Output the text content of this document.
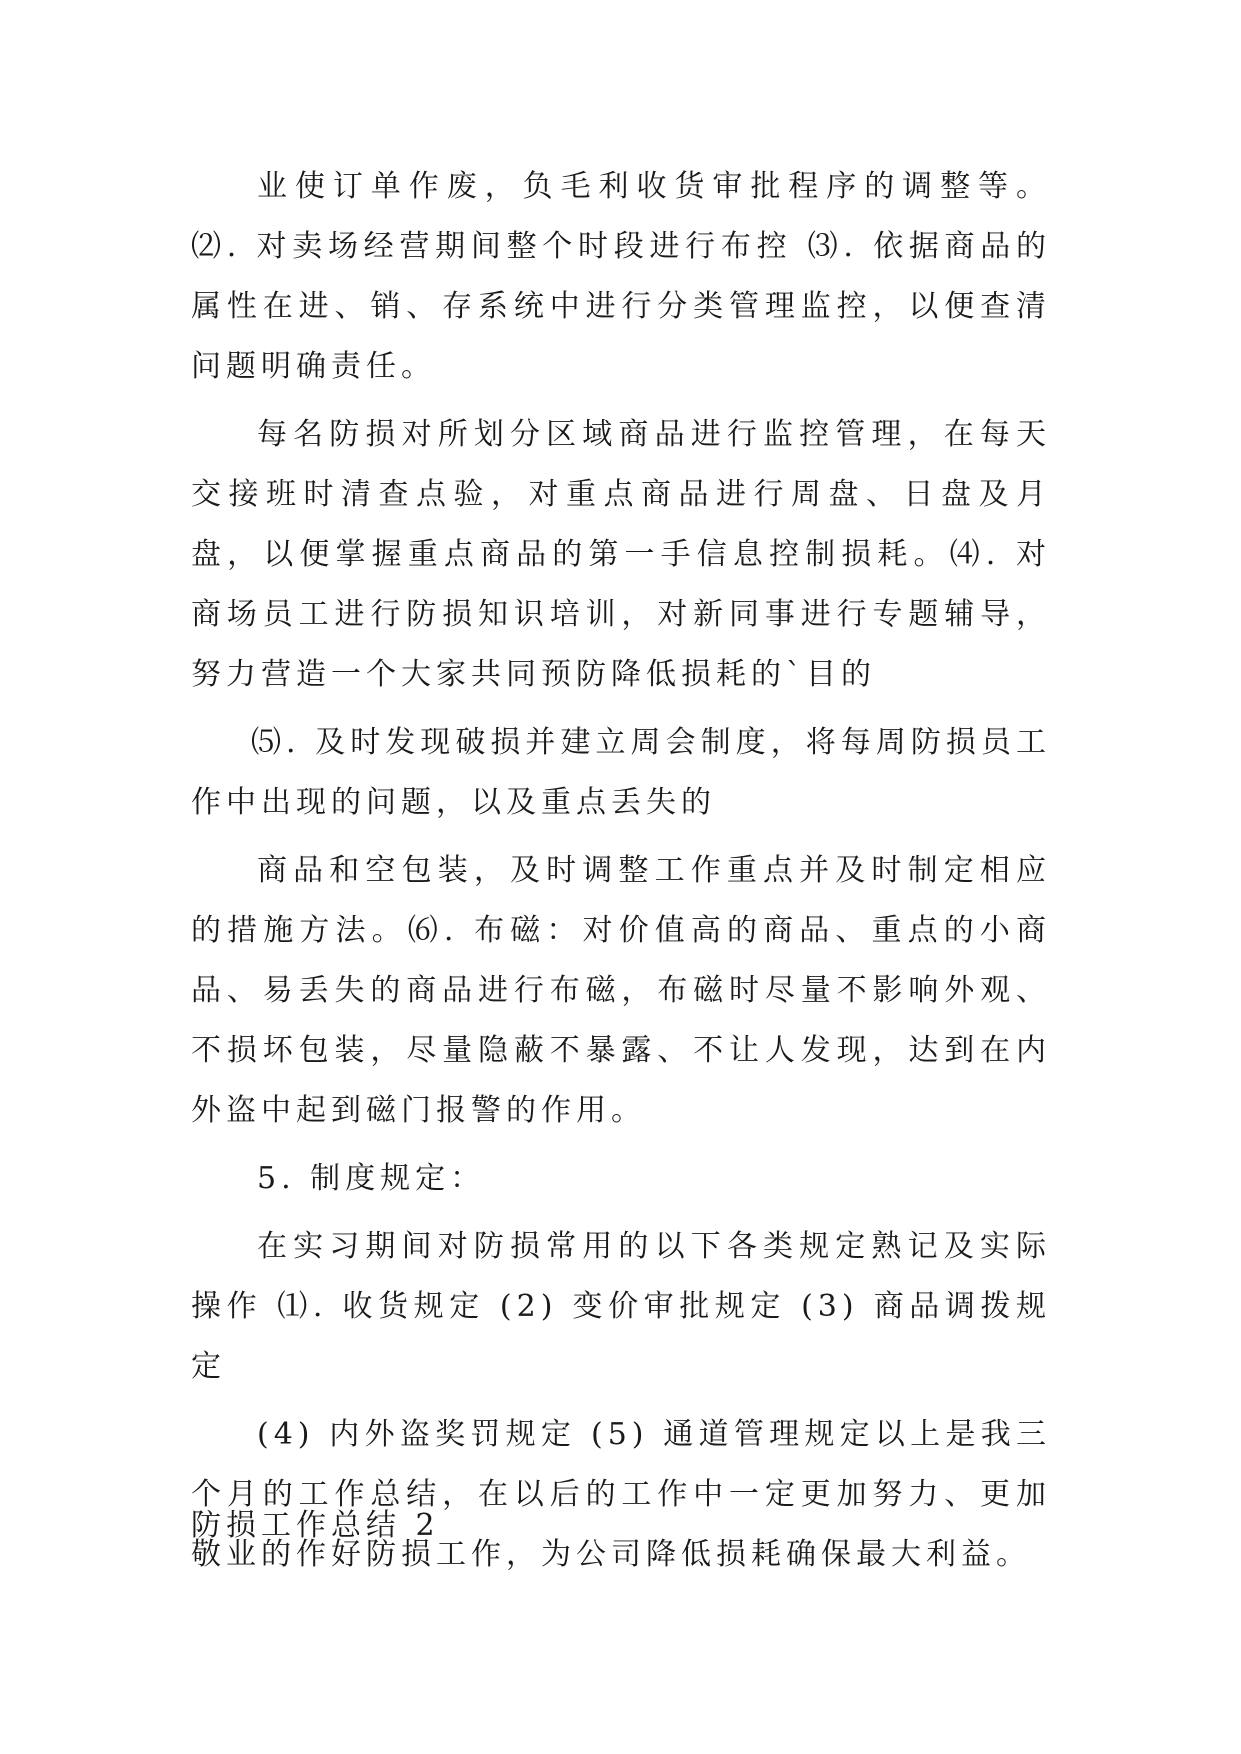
业使订单作废，负毛利收货审批程序的调整等。 ⑵. 对卖场经营期间整个时段进行布控 ⑶. 依据商品的属性在进、销、存系统中进行分类管理监控，以便查清问题明确责任。

每名防损对所划分区域商品进行监控管理，在每天交接班时清查点验，对重点商品进行周盘、日盘及月盘，以便掌握重点商品的第一手信息控制损耗。⑷. 对商场员工进行防损知识培训，对新同事进行专题辅导，努力营造一个大家共同预防降低损耗的`目的

⑸. 及时发现破损并建立周会制度，将每周防损员工作中出现的问题，以及重点丢失的

商品和空包装，及时调整工作重点并及时制定相应的措施方法。⑹. 布磁：对价值高的商品、重点的小商品、易丢失的商品进行布磁，布磁时尽量不影响外观、不损坏包装，尽量隐蔽不暴露、不让人发现，达到在内外盗中起到磁门报警的作用。

5. 制度规定：

在实习期间对防损常用的以下各类规定熟记及实际操作 ⑴. 收货规定 (2) 变价审批规定 (3) 商品调拨规定

(4) 内外盗奖罚规定 (5) 通道管理规定以上是我三个月的工作总结，在以后的工作中一定更加努力、更加敬业的作好防损工作，为公司降低损耗确保最大利益。

防损工作总结 2
